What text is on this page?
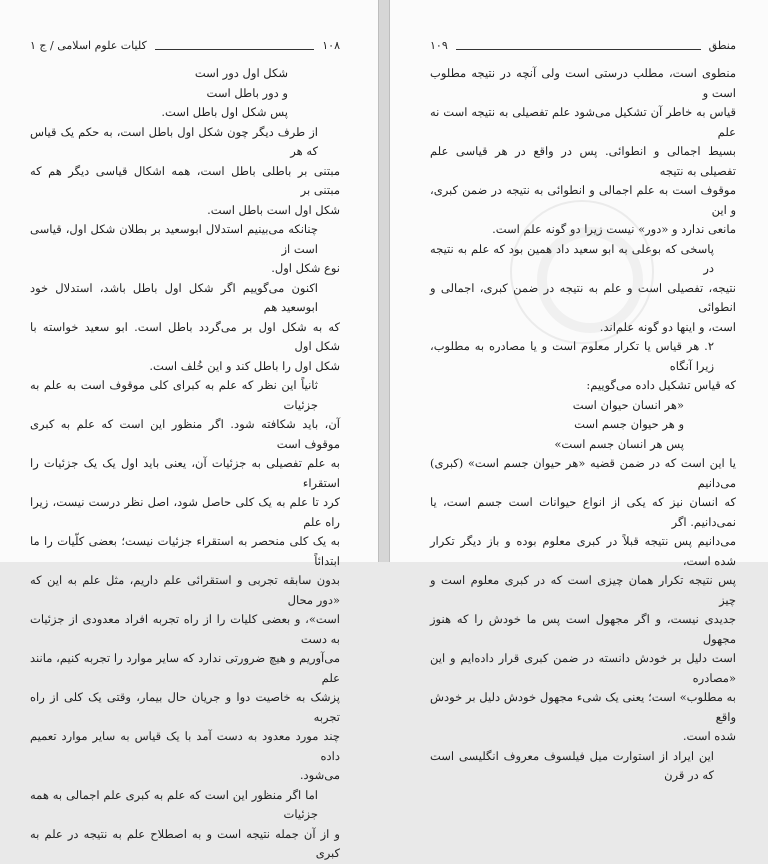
۱۰۸
کلیات علوم اسلامی / ج ۱

شکل اول دور است

و دور باطل است

پس شکل اول باطل است.

از طرف دیگر چون شکل اول باطل است، به حکم یک قیاس که هر

مبتنی بر باطلی باطل است، همه اشکال قیاسی دیگر هم که مبتنی بر

شکل اول است باطل است.

چنانکه می‌بینیم استدلال ابوسعید بر بطلان شکل اول، قیاسی است از

نوع شکل اول.

اکنون می‌گوییم اگر شکل اول باطل باشد، استدلال خود ابوسعید هم

که به شکل اول بر می‌گردد باطل است. ابو سعید خواسته با شکل اول

شکل اول را باطل کند و این خُلف است.

ثانیاً این نظر که علم به کبرای کلی موقوف است به علم به جزئیات

آن، باید شکافته شود. اگر منظور این است که علم به کبری موقوف است

به علم تفصیلی به جزئیات آن، یعنی باید اول یک یک جزئیات را استقراء

کرد تا علم به یک کلی حاصل شود، اصل نظر درست نیست، زیرا راه علم

به یک کلی منحصر به استقراء جزئیات نیست؛ بعضی کلّیات را ما ابتدائاً

بدون سابقه تجربی و استقرائی علم داریم، مثل علم به این که «دور محال

است»، و بعضی کلیات را از راه تجربه افراد معدودی از جزئیات به دست

می‌آوریم و هیچ ضرورتی ندارد که سایر موارد را تجربه کنیم، مانند علم

پزشک به خاصیت دوا و جریان حال بیمار، وقتی یک کلی از راه تجربه

چند مورد معدود به دست آمد با یک قیاس به سایر موارد تعمیم داده

می‌شود.

اما اگر منظور این است که علم به کبری علم اجمالی به همه جزئیات

و از آن جمله نتیجه است و به اصطلاح علم به نتیجه در علم به کبری

منطق
۱۰۹

منطوی است، مطلب درستی است ولی آنچه در نتیجه مطلوب است و

قیاس به خاطر آن تشکیل می‌شود علم تفصیلی به نتیجه است نه علم

بسیط اجمالی و انطوائی. پس در واقع در هر قیاسی علم تفصیلی به نتیجه

موقوف است به علم اجمالی و انطوائی به نتیجه در ضمن کبری، و این

مانعی ندارد و «دور» نیست زیرا دو گونه علم است.

پاسخی که بوعلی به ابو سعید داد همین بود که علم به نتیجه در

نتیجه، تفصیلی است و علم به نتیجه در ضمن کبری، اجمالی و انطوائی

است، و اینها دو گونه علم‌اند.

۲. هر قیاس یا تکرار معلوم است و یا مصادره به مطلوب، زیرا آنگاه

که قیاس تشکیل داده می‌گوییم:

«هر انسان حیوان است

و هر حیوان جسم است

پس هر انسان جسم است»

یا این است که در ضمن قضیه «هر حیوان جسم است» (کبری) می‌دانیم

که انسان نیز که یکی از انواع حیوانات است جسم است، یا نمی‌دانیم. اگر

می‌دانیم پس نتیجه قبلاً در کبری معلوم بوده و باز دیگر تکرار شده است،

پس نتیجه تکرار همان چیزی است که در کبری معلوم است و چیز

جدیدی نیست، و اگر مجهول است پس ما خودش را که هنوز مجهول

است دلیل بر خودش دانسته در ضمن کبری قرار داده‌ایم و این «مصادره

به مطلوب» است؛ یعنی یک شیء مجهول خودش دلیل بر خودش واقع

شده است.

این ایراد از استوارت میل فیلسوف معروف انگلیسی است که در قرن
